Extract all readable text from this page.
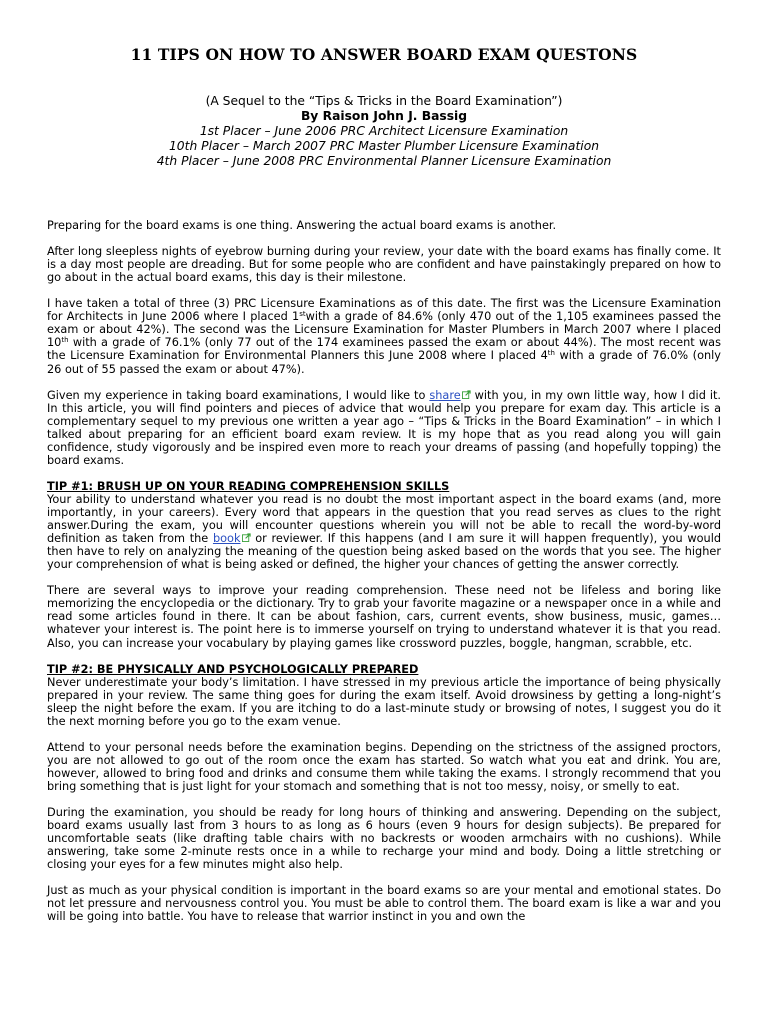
11 TIPS ON HOW TO ANSWER BOARD EXAM QUESTONS
(A Sequel to the “Tips & Tricks in the Board Examination”)
By Raison John J. Bassig
1st Placer – June 2006 PRC Architect Licensure Examination
10th Placer – March 2007 PRC Master Plumber Licensure Examination
4th Placer – June 2008 PRC Environmental Planner Licensure Examination

Preparing for the board exams is one thing. Answering the actual board exams is another.

After long sleepless nights of eyebrow burning during your review, your date with the board exams has finally come. It is a day most people are dreading. But for some people who are confident and have painstakingly prepared on how to go about in the actual board exams, this day is their milestone.

I have taken a total of three (3) PRC Licensure Examinations as of this date. The first was the Licensure Examination for Architects in June 2006 where I placed 1stwith a grade of 84.6% (only 470 out of the 1,105 examinees passed the exam or about 42%). The second was the Licensure Examination for Master Plumbers in March 2007 where I placed 10th with a grade of 76.1% (only 77 out of the 174 examinees passed the exam or about 44%). The most recent was the Licensure Examination for Environmental Planners this June 2008 where I placed 4th with a grade of 76.0% (only 26 out of 55 passed the exam or about 47%).

Given my experience in taking board examinations, I would like to share with you, in my own little way, how I did it. In this article, you will find pointers and pieces of advice that would help you prepare for exam day. This article is a complementary sequel to my previous one written a year ago – “Tips & Tricks in the Board Examination” – in which I talked about preparing for an efficient board exam review. It is my hope that as you read along you will gain confidence, study vigorously and be inspired even more to reach your dreams of passing (and hopefully topping) the board exams.

TIP #1: BRUSH UP ON YOUR READING COMPREHENSION SKILLS

Your ability to understand whatever you read is no doubt the most important aspect in the board exams (and, more importantly, in your careers). Every word that appears in the question that you read serves as clues to the right answer.During the exam, you will encounter questions wherein you will not be able to recall the word-by-word definition as taken from the book or reviewer. If this happens (and I am sure it will happen frequently), you would then have to rely on analyzing the meaning of the question being asked based on the words that you see. The higher your comprehension of what is being asked or defined, the higher your chances of getting the answer correctly.

There are several ways to improve your reading comprehension. These need not be lifeless and boring like memorizing the encyclopedia or the dictionary. Try to grab your favorite magazine or a newspaper once in a while and read some articles found in there. It can be about fashion, cars, current events, show business, music, games… whatever your interest is. The point here is to immerse yourself on trying to understand whatever it is that you read. Also, you can increase your vocabulary by playing games like crossword puzzles, boggle, hangman, scrabble, etc.

TIP #2: BE PHYSICALLY AND PSYCHOLOGICALLY PREPARED

Never underestimate your body’s limitation. I have stressed in my previous article the importance of being physically prepared in your review. The same thing goes for during the exam itself. Avoid drowsiness by getting a long-night’s sleep the night before the exam. If you are itching to do a last-minute study or browsing of notes, I suggest you do it the next morning before you go to the exam venue.

Attend to your personal needs before the examination begins. Depending on the strictness of the assigned proctors, you are not allowed to go out of the room once the exam has started. So watch what you eat and drink. You are, however, allowed to bring food and drinks and consume them while taking the exams. I strongly recommend that you bring something that is just light for your stomach and something that is not too messy, noisy, or smelly to eat.

During the examination, you should be ready for long hours of thinking and answering. Depending on the subject, board exams usually last from 3 hours to as long as 6 hours (even 9 hours for design subjects). Be prepared for uncomfortable seats (like drafting table chairs with no backrests or wooden armchairs with no cushions). While answering, take some 2-minute rests once in a while to recharge your mind and body. Doing a little stretching or closing your eyes for a few minutes might also help.

Just as much as your physical condition is important in the board exams so are your mental and emotional states. Do not let pressure and nervousness control you. You must be able to control them. The board exam is like a war and you will be going into battle. You have to release that warrior instinct in you and own the
